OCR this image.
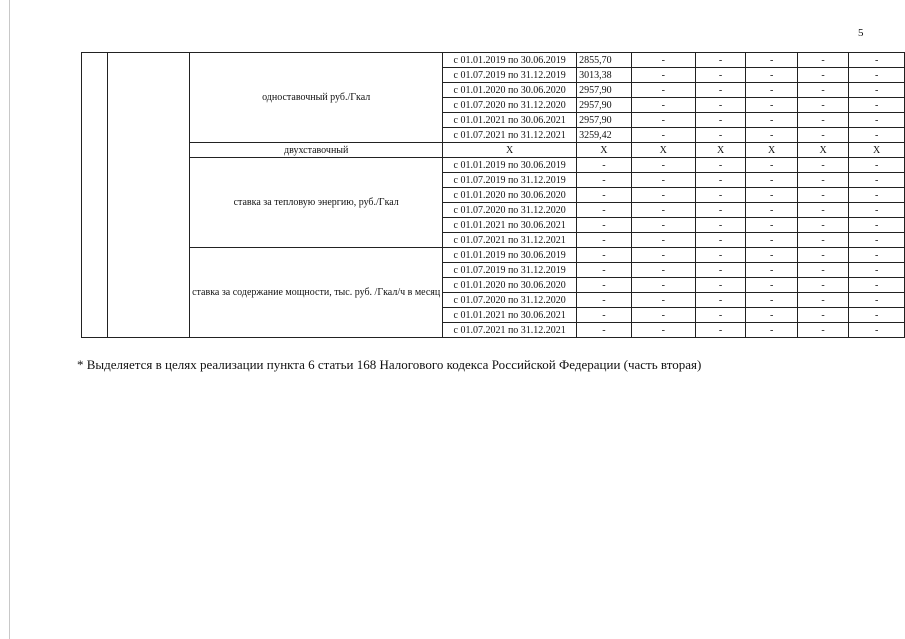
5
		одноставочный руб./Гкал	с 01.01.2019 по 30.06.2019	2855,70	-	-	-	-	-
			с 01.07.2019 по 31.12.2019	3013,38	-	-	-	-	-
			с 01.01.2020 по 30.06.2020	2957,90	-	-	-	-	-
			с 01.07.2020 по 31.12.2020	2957,90	-	-	-	-	-
			с 01.01.2021 по 30.06.2021	2957,90	-	-	-	-	-
			с 01.07.2021 по 31.12.2021	3259,42	-	-	-	-	-
		двухставочный	Х	Х	Х	Х	Х	Х	Х
		ставка за тепловую энергию, руб./Гкал	с 01.01.2019 по 30.06.2019	-	-	-	-	-	-
			с 01.07.2019 по 31.12.2019	-	-	-	-	-	-
			с 01.01.2020 по 30.06.2020	-	-	-	-	-	-
			с 01.07.2020 по 31.12.2020	-	-	-	-	-	-
			с 01.01.2021 по 30.06.2021	-	-	-	-	-	-
			с 01.07.2021 по 31.12.2021	-	-	-	-	-	-
		ставка за содержание мощности, тыс. руб. /Гкал/ч в месяц	с 01.01.2019 по 30.06.2019	-	-	-	-	-	-
			с 01.07.2019 по 31.12.2019	-	-	-	-	-	-
			с 01.01.2020 по 30.06.2020	-	-	-	-	-	-
			с 01.07.2020 по 31.12.2020	-	-	-	-	-	-
			с 01.01.2021 по 30.06.2021	-	-	-	-	-	-
			с 01.07.2021 по 31.12.2021	-	-	-	-	-	-
* Выделяется в целях реализации пункта 6 статьи 168 Налогового кодекса Российской Федерации (часть вторая)
